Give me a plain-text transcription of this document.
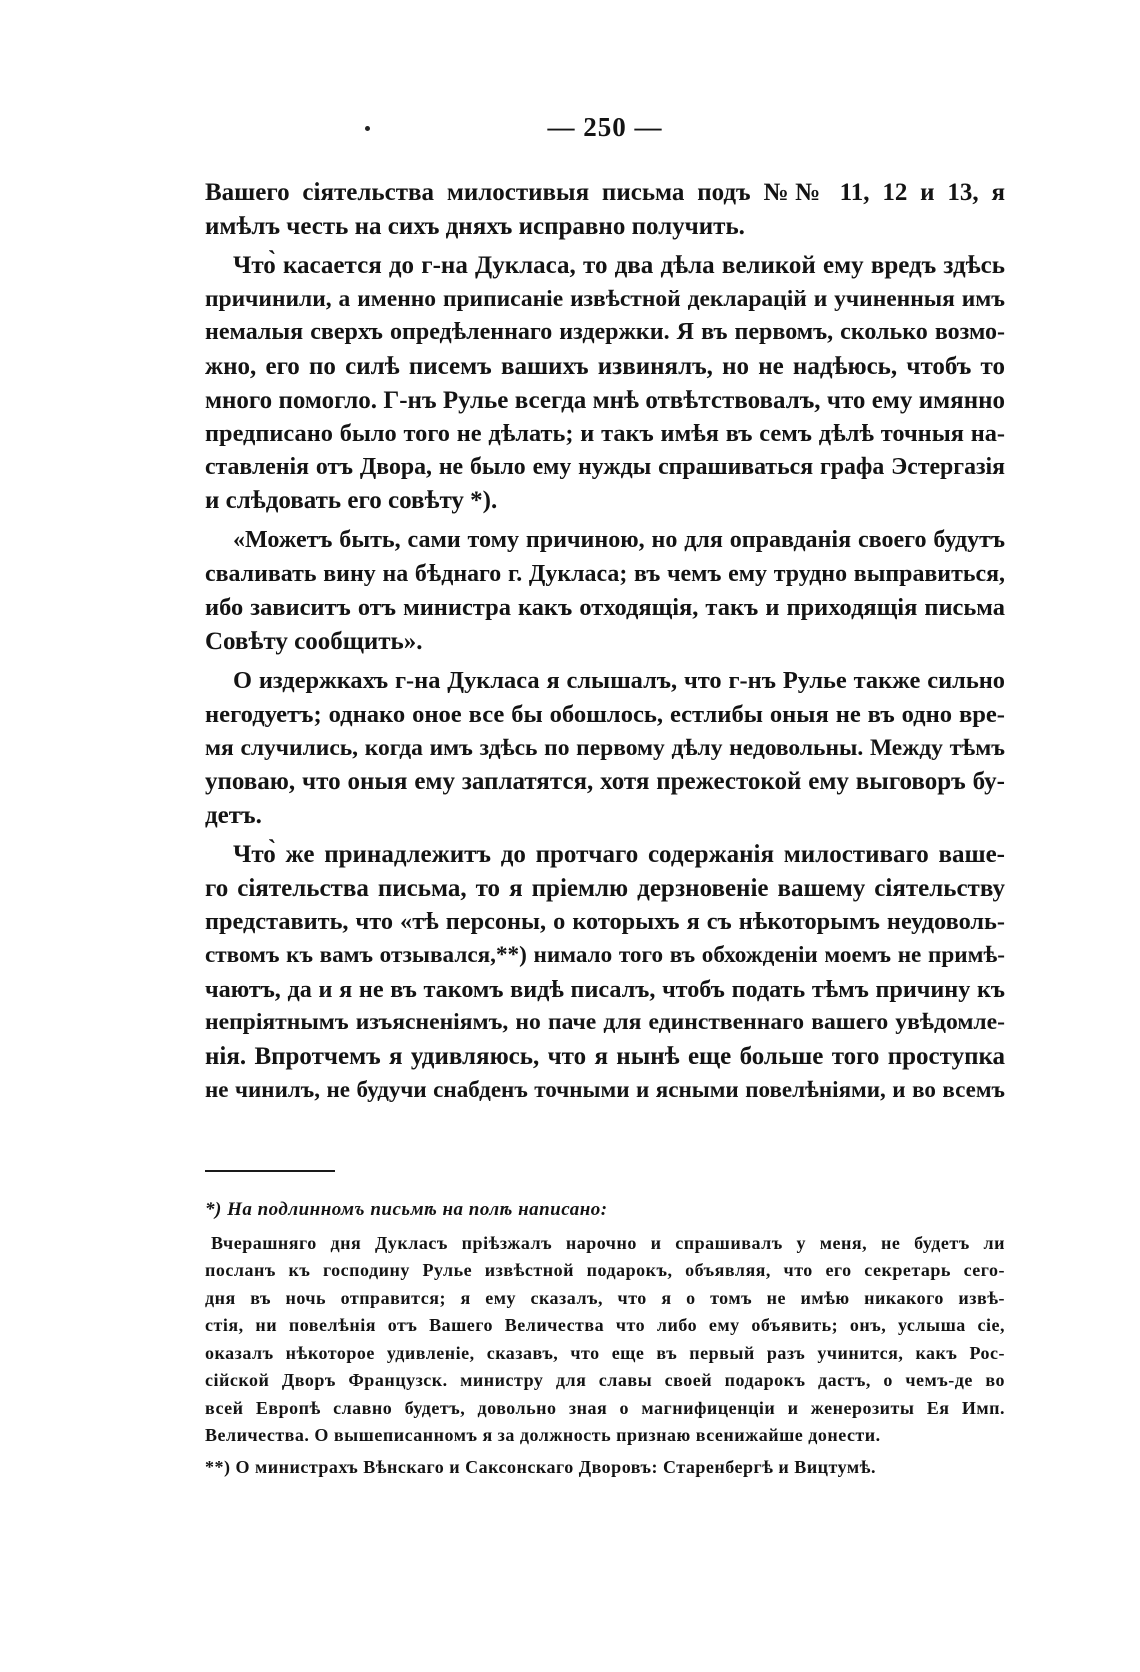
— 250 —
Вашего сіятельства милостивыя письма подъ №№ 11, 12 и 13, я
имѣлъ честь на сихъ дняхъ исправно получить.
Что̀ касается до г-на Дукласа, то два дѣла великой ему вредъ здѣсь
причинили, а именно приписаніе извѣстной декларацій и учиненныя имъ
немалыя сверхъ опредѣленнаго издержки. Я въ первомъ, сколько возмо-
жно, его по силѣ писемъ вашихъ извинялъ, но не надѣюсь, чтобъ то
много помогло. Г-нъ Рулье всегда мнѣ отвѣтствовалъ, что ему имянно
предписано было того не дѣлать; и такъ имѣя въ семъ дѣлѣ точныя на-
ставленія отъ Двора, не было ему нужды спрашиваться графа Эстергазія
и слѣдовать его совѣту *).
«Можетъ быть, сами тому причиною, но для оправданія своего будутъ
сваливать вину на бѣднаго г. Дукласа; въ чемъ ему трудно выправиться,
ибо зависитъ отъ министра какъ отходящія, такъ и приходящія письма
Совѣту сообщить».
О издержкахъ г-на Дукласа я слышалъ, что г-нъ Рулье также сильно
негодуетъ; однако оное все бы обошлось, естлибы оныя не въ одно вре-
мя случились, когда имъ здѣсь по первому дѣлу недовольны. Между тѣмъ
уповаю, что оныя ему заплатятся, хотя прежестокой ему выговоръ бу-
детъ.
Что̀ же принадлежитъ до протчаго содержанія милостиваго ваше-
го сіятельства письма, то я пріемлю дерзновеніе вашему сіятельству
представить, что «тѣ персоны, о которыхъ я съ нѣкоторымъ неудоволь-
ствомъ къ вамъ отзывался,**) нимало того въ обхожденіи моемъ не примѣ-
чаютъ, да и я не въ такомъ видѣ писалъ, чтобъ подать тѣмъ причину къ
непріятнымъ изъясненіямъ, но паче для единственнаго вашего увѣдомле-
нія. Впротчемъ я удивляюсь, что я нынѣ еще больше того проступка
не чинилъ, не будучи снабденъ точными и ясными повелѣніями, и во всемъ
*) На подлинномъ письмѣ на полѣ написано:
Вчерашняго дня Дукласъ пріѣзжалъ нарочно и спрашивалъ у меня, не будетъ ли
посланъ къ господину Рулье извѣстной подарокъ, объявляя, что его секретарь сего-
дня въ ночь отправится; я ему сказалъ, что я о томъ не имѣю никакого извѣ-
стія, ни повелѣнія отъ Вашего Величества что либо ему объявить; онъ, услыша сіе,
оказалъ нѣкоторое удивленіе, сказавъ, что еще въ первый разъ учинится, какъ Рос-
сійской Дворъ Французск. министру для славы своей подарокъ дастъ, о чемъ-де во
всей Европѣ славно будетъ, довольно зная о магнифиценціи и женерозиты Ея Имп.
Величества. О вышеписанномъ я за должность признаю всенижайше донести.
**) О министрахъ Вѣнскаго и Саксонскаго Дворовъ: Старенбергѣ и Вицтумѣ.
